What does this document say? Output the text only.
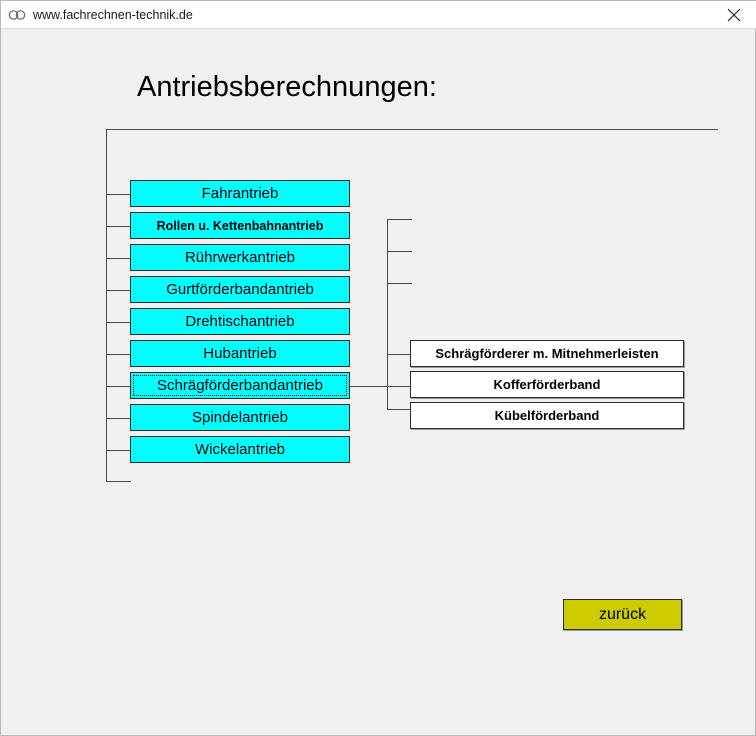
www.fachrechnen-technik.de
Antriebsberechnungen:
Fahrantrieb
Rollen u. Kettenbahnantrieb
Rührwerkantrieb
Gurtförderbandantrieb
Drehtischantrieb
Hubantrieb
Schrägförderbandantrieb
Spindelantrieb
Wickelantrieb
Schrägförderer m. Mitnehmerleisten
Kofferförderband
Kübelförderband
zurück
